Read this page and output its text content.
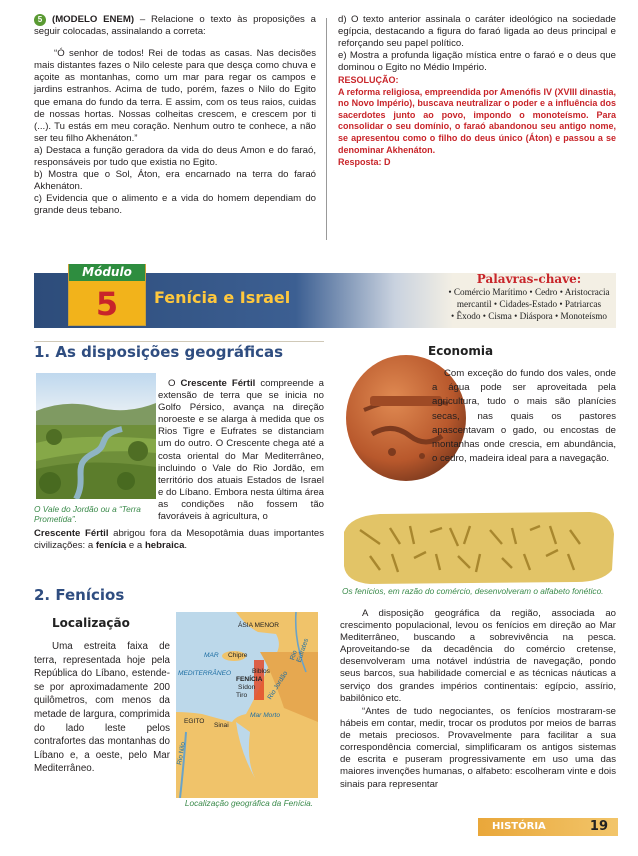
5 (MODELO ENEM) – Relacione o texto às proposições a seguir colocadas, assinalando a correta:

“Ó senhor de todos! Rei de todas as casas. Nas decisões mais distantes fazes o Nilo celeste para que desça como chuva e açoite as montanhas, como um mar para regar os campos e jardins estranhos. Acima de tudo, porém, fazes o Nilo do Egito que emana do fundo da terra. E assim, com os teus raios, cuidas de nossas hortas. Nossas colheitas crescem, e crescem por ti (...). Tu estás em meu coração. Nenhum outro te conhece, a não ser teu filho Akhenáton.”

a) Destaca a função geradora da vida do deus Amon e do faraó, responsáveis por tudo que existia no Egito.

b) Mostra que o Sol, Áton, era encarnado na terra do faraó Akhenáton.

c) Evidencia que o alimento e a vida do homem dependiam do grande deus tebano.

d) O texto anterior assinala o caráter ideológico na sociedade egípcia, destacando a figura do faraó ligada ao deus principal e reforçando seu papel político.

e) Mostra a profunda ligação mística entre o faraó e o deus que dominou o Egito no Médio Império.

RESOLUÇÃO:

A reforma religiosa, empreendida por Amenófis IV (XVIII dinastia, no Novo Império), buscava neutralizar o poder e a influência dos sacerdotes junto ao povo, impondo o monoteísmo. Para consolidar o seu domínio, o faraó abandonou seu antigo nome, se apresentou como o filho do deus único (Áton) e passou a se denominar Akhenáton.

Resposta: D

Módulo
5	Fenícia e Israel
Palavras-chave:
• Comércio Marítimo • Cedro • Aristocracia
mercantil • Cidades-Estado • Patriarcas
• Êxodo • Cisma • Diáspora • Monoteísmo
1. As disposições geográficas
O Vale do Jordão ou a “Terra Prometida”.

O Crescente Fértil compreende a extensão de terra que se inicia no Golfo Pérsico, avança na direção noroeste e se alarga à medida que os Rios Tigre e Eufrates se distanciam um do outro. O Crescente chega até a costa oriental do Mar Mediterrâneo, incluindo o Vale do Rio Jordão, em território dos atuais Estados de Israel e do Líbano. Embora nesta última área as condições não fossem tão favoráveis à agricultura, o

Crescente Fértil abrigou fora da Mesopotâmia duas importantes civilizações: a fenícia e a hebraica.

Economia

Com exceção do fundo dos vales, onde a água pode ser aproveitada pela agricultura, tudo o mais são planícies secas, nas quais os pastores apascentavam o gado, ou encostas de montanhas onde crescia, em abundância, o cedro, madeira ideal para a navegação.

Os fenícios, em razão do comércio, desenvolveram o alfabeto fonético.
2. Fenícios
Localização

Uma estreita faixa de terra, representada hoje pela República do Líbano, estende-se por aproximadamente 200 quilômetros, com menos da metade de largura, comprimida do lado leste pelos contrafortes das montanhas do Líbano e, a oeste, pelo Mar Mediterrâneo.

ÁSIA MENOR
MAR
MEDITERRÂNEO
Chipre
Biblos
FENÍCIA
Sídon
Tiro
EGITO
Sinai
Mar Morto
Rio Nilo
Rio Eufrates
Rio Jordão
Localização geográfica da Fenícia.

A disposição geográfica da região, associada ao crescimento populacional, levou os fenícios em direção ao Mar Mediterrâneo, buscando a sobrevivência na pesca. Aproveitando-se da decadência do comércio cretense, desenvolveram uma notável indústria de navegação, pondo seus barcos, sua habilidade comercial e as técnicas náuticas a serviço dos grandes impérios continentais: egípcio, assírio, babilônico etc.

“Antes de tudo negociantes, os fenícios mostraram-se hábeis em contar, medir, trocar os produtos por meios de barras de metais preciosos. Provavelmente para facilitar a sua correspondência comercial, simplificaram os antigos sistemas de escrita e puseram progressivamente em uso uma das maiores invenções humanas, o alfabeto: escolheram vinte e dois sinais para representar

HISTÓRIA	19
